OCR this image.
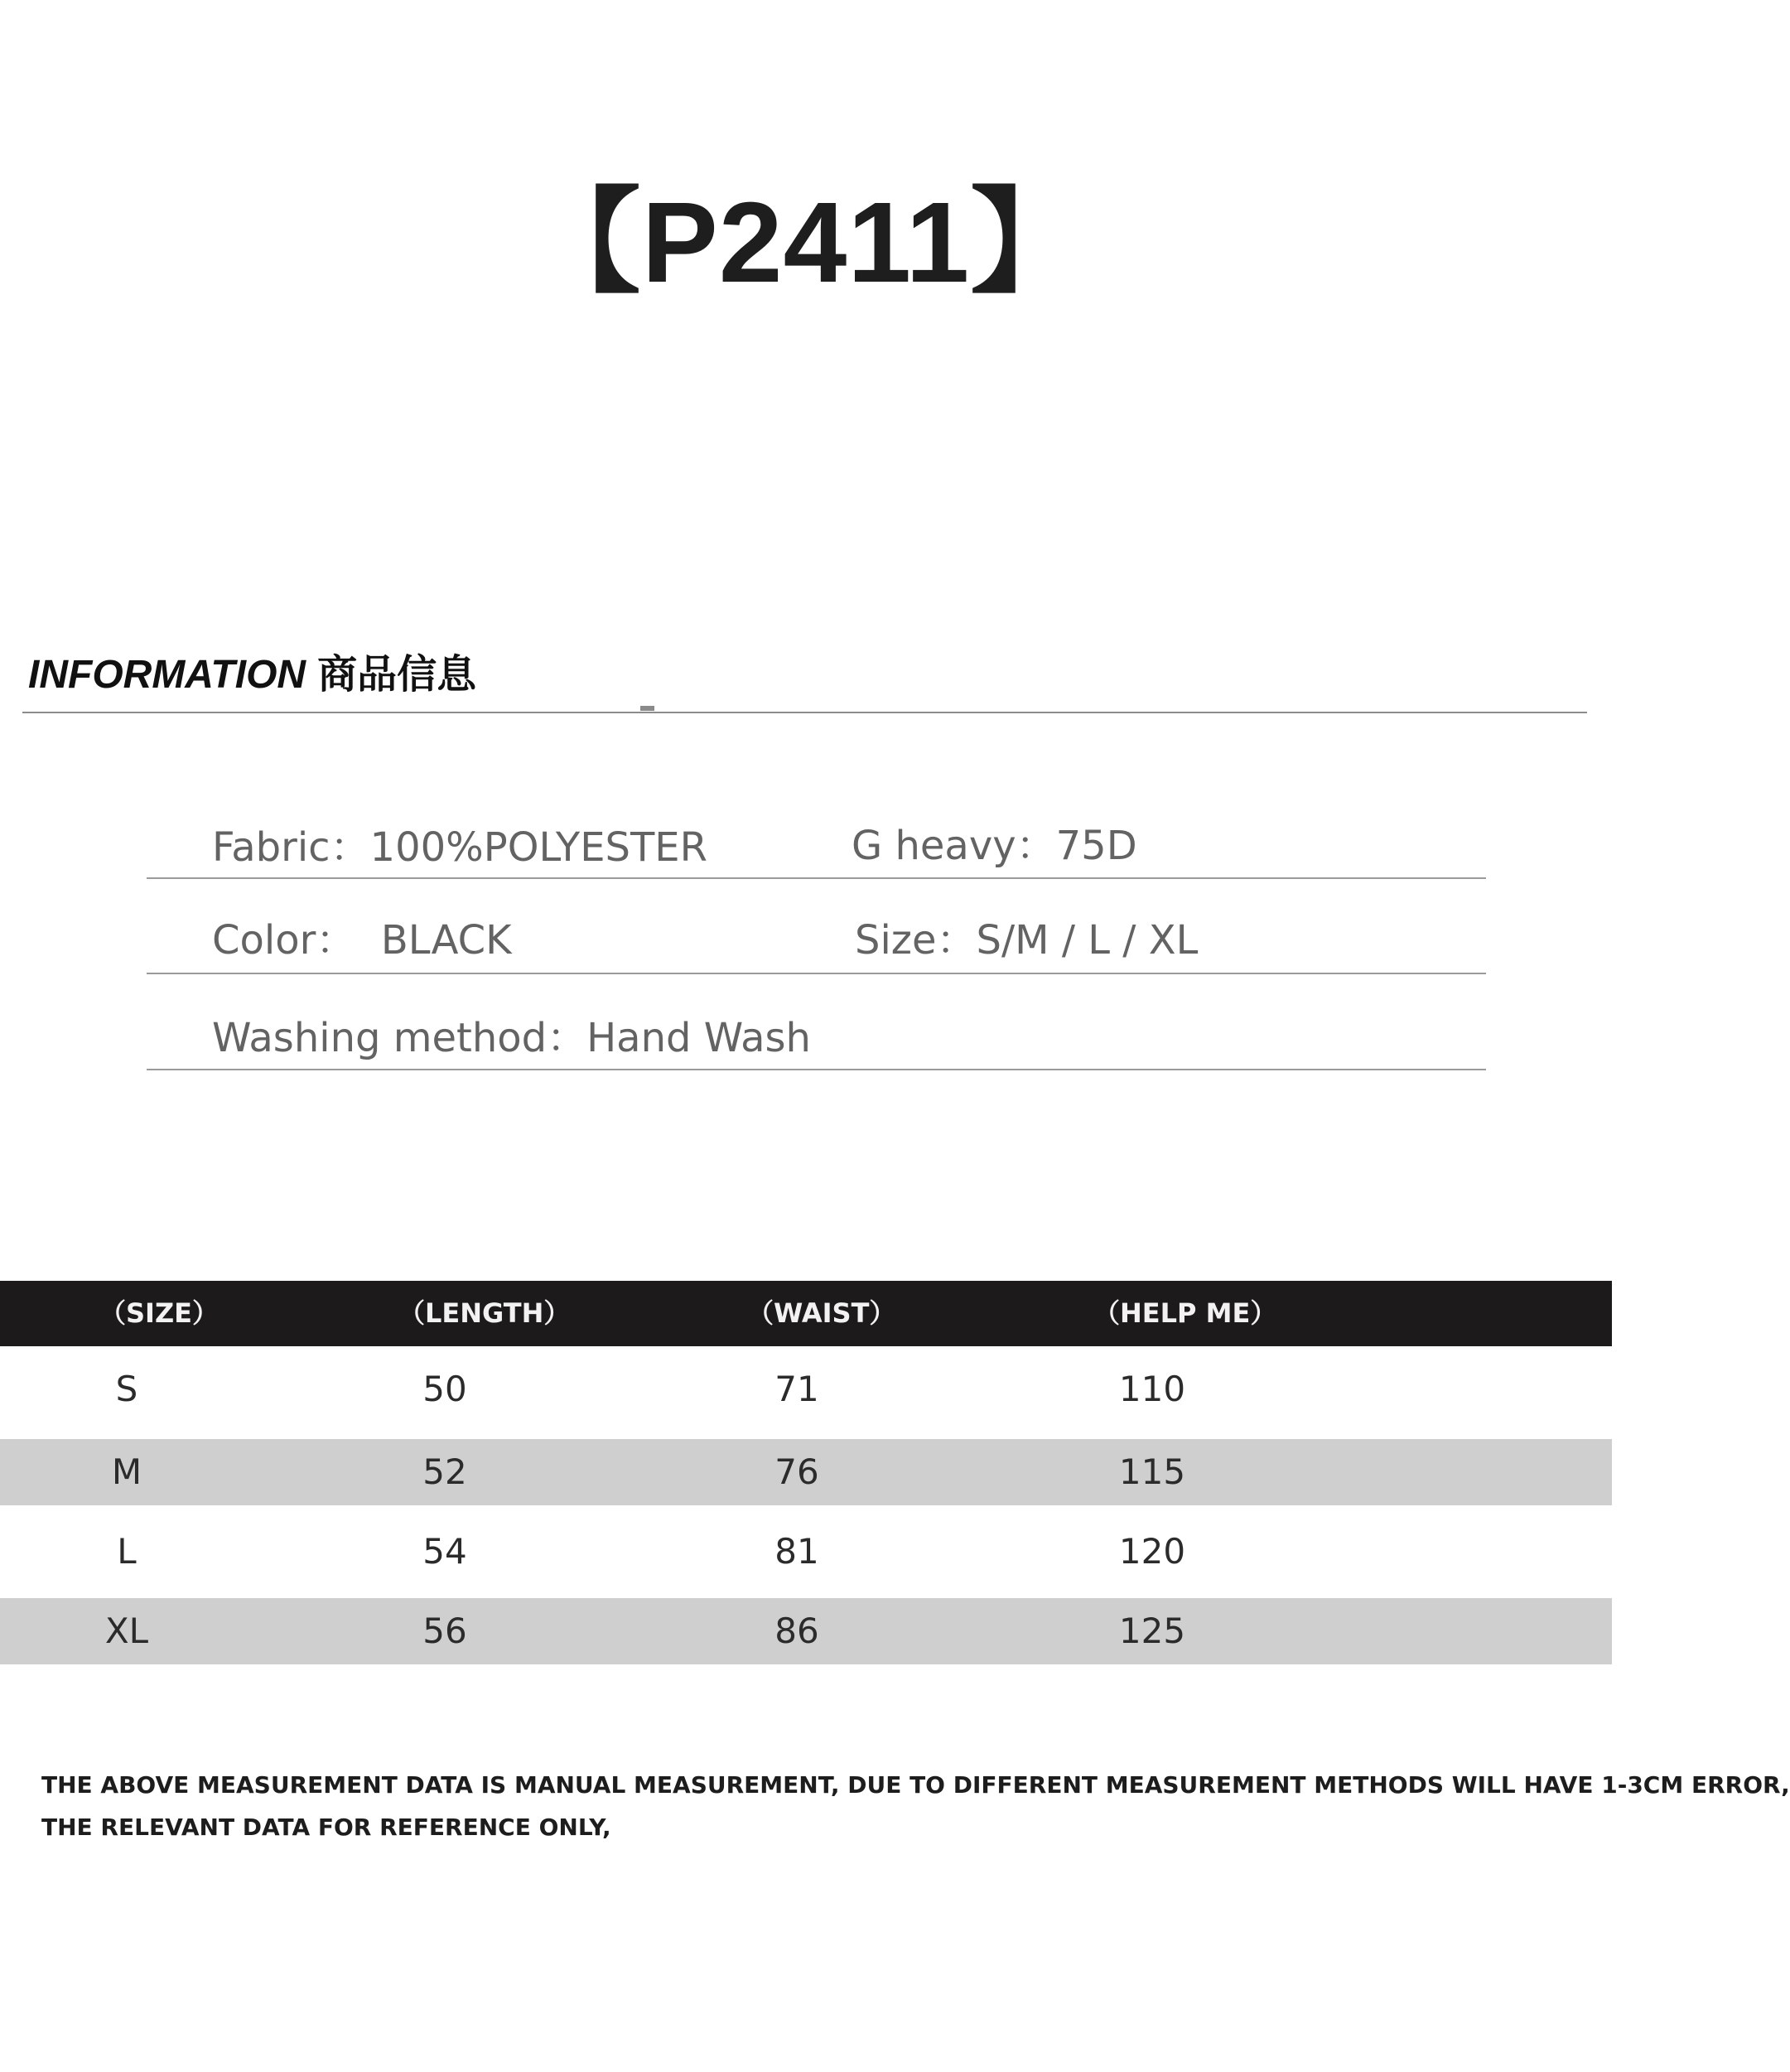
【P2411】
INFORMATION 商品信息
Fabric：100%POLYESTER	G heavy：75D
Color：  BLACK	Size：S/M / L / XL
Washing method：Hand Wash
（SIZE）	（LENGTH）	（WAIST）	（HELP ME）
S	50	71	110
M	52	76	115
L	54	81	120
XL	56	86	125
THE ABOVE MEASUREMENT DATA IS MANUAL MEASUREMENT, DUE TO DIFFERENT MEASUREMENT METHODS WILL HAVE 1-3CM ERROR,
THE RELEVANT DATA FOR REFERENCE ONLY,
